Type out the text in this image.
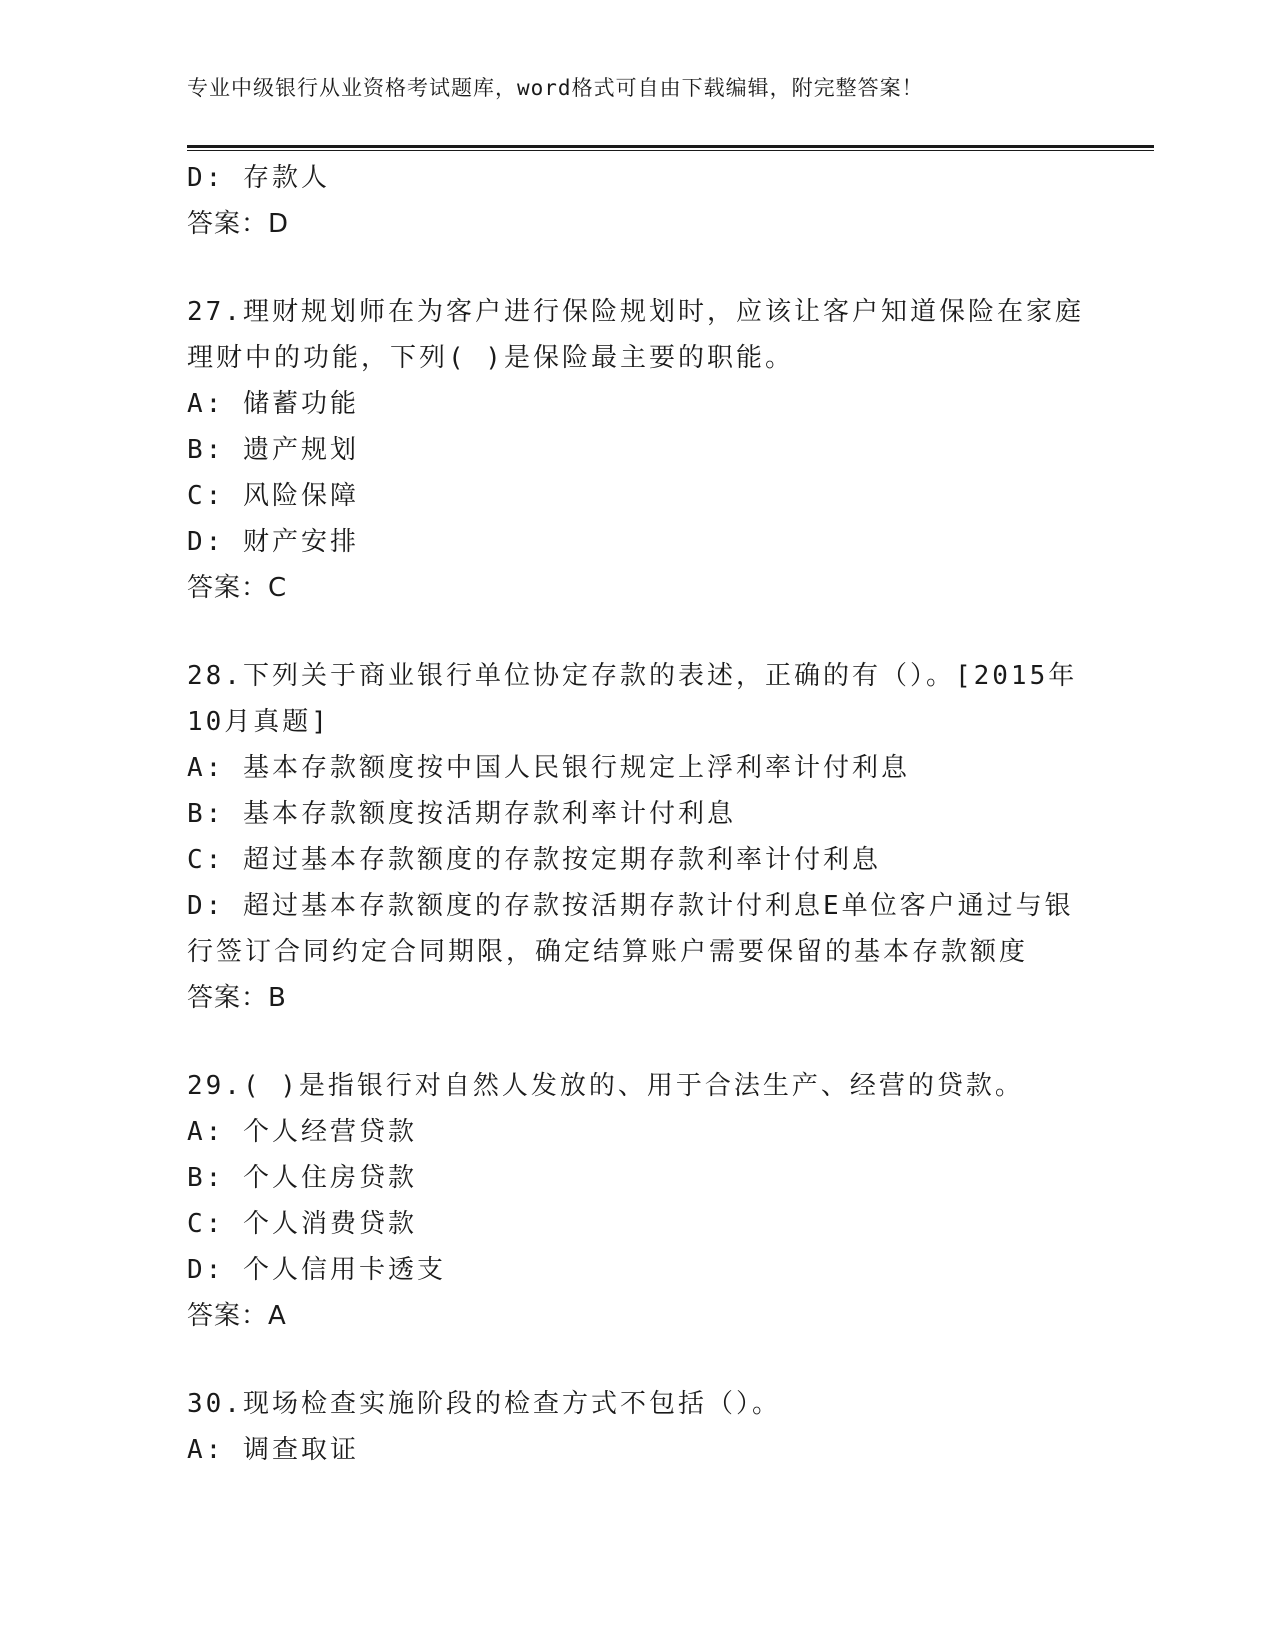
专业中级银行从业资格考试题库，word格式可自由下载编辑，附完整答案！
D: 存款人
答案：D
27.理财规划师在为客户进行保险规划时，应该让客户知道保险在家庭
理财中的功能，下列( )是保险最主要的职能。
A: 储蓄功能
B: 遗产规划
C: 风险保障
D: 财产安排
答案：C
28.下列关于商业银行单位协定存款的表述，正确的有（）。[2015年
10月真题]
A: 基本存款额度按中国人民银行规定上浮利率计付利息
B: 基本存款额度按活期存款利率计付利息
C: 超过基本存款额度的存款按定期存款利率计付利息
D: 超过基本存款额度的存款按活期存款计付利息E单位客户通过与银
行签订合同约定合同期限，确定结算账户需要保留的基本存款额度
答案：B
29.( )是指银行对自然人发放的、用于合法生产、经营的贷款。
A: 个人经营贷款
B: 个人住房贷款
C: 个人消费贷款
D: 个人信用卡透支
答案：A
30.现场检查实施阶段的检查方式不包括（）。
A: 调查取证
